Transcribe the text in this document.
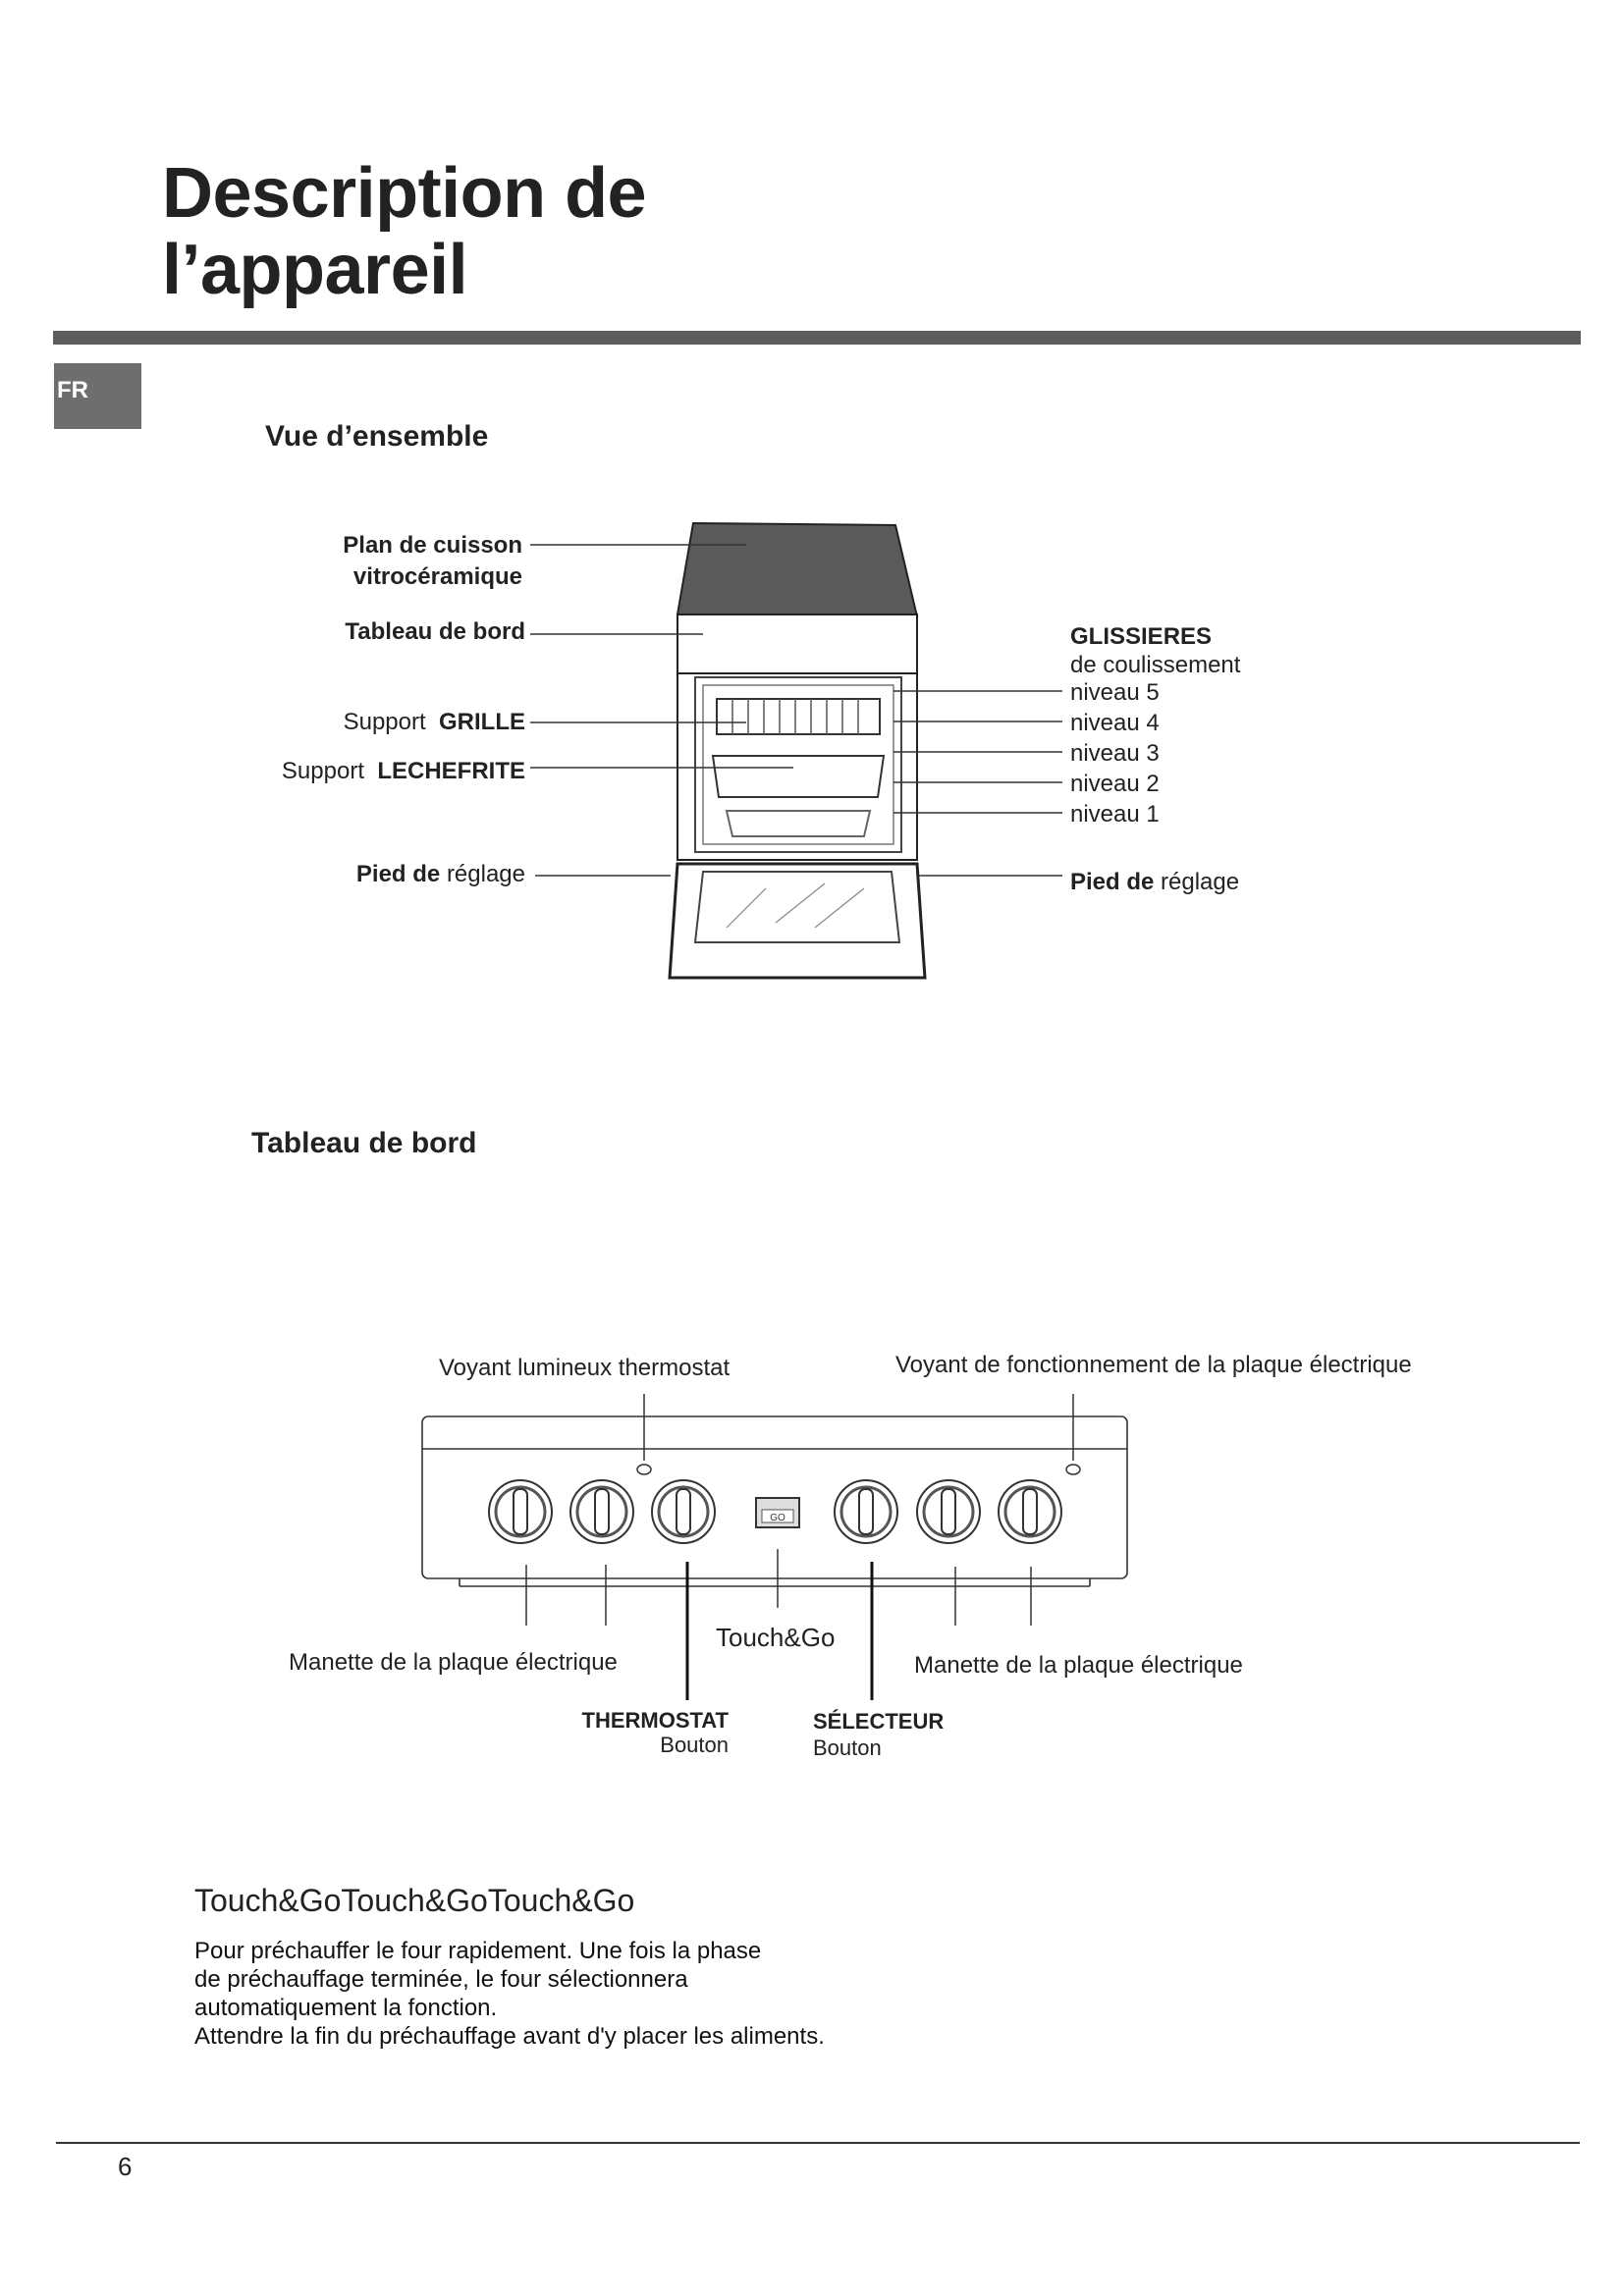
Description de
l’appareil
FR
Vue d’ensemble
Plan de cuisson
vitrocéramique
Tableau de bord
Support GRILLE
Support LECHEFRITE
Pied de réglage
GLISSIERES
de coulissement
niveau 5
niveau 4
niveau 3
niveau 2
niveau 1
Pied de réglage
Tableau de bord
GO
Voyant lumineux thermostat	Voyant de fonctionnement de la plaque électrique
Manette de la plaque électrique
Touch&Go
Manette de la plaque électrique
THERMOSTAT
Bouton
SÉLECTEUR
Bouton
Touch&GoTouch&GoTouch&Go
Pour préchauffer le four rapidement. Une fois la phase
de préchauffage terminée, le four sélectionnera
automatiquement la fonction.
Attendre la fin du préchauffage avant d'y placer les aliments.
6
